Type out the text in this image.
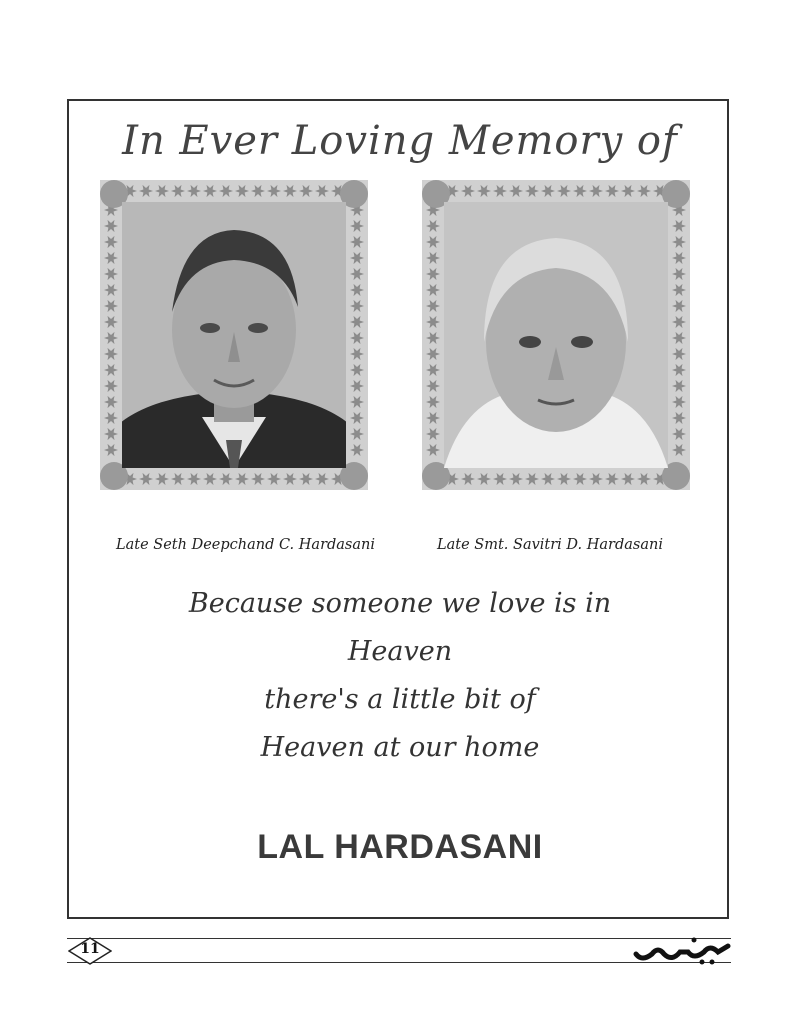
In Ever Loving Memory of
Late Seth Deepchand C. Hardasani	Late Smt. Savitri D. Hardasani
Because someone we love is in
Heaven
there's a little bit of
Heaven at our home
LAL HARDASANI
11
